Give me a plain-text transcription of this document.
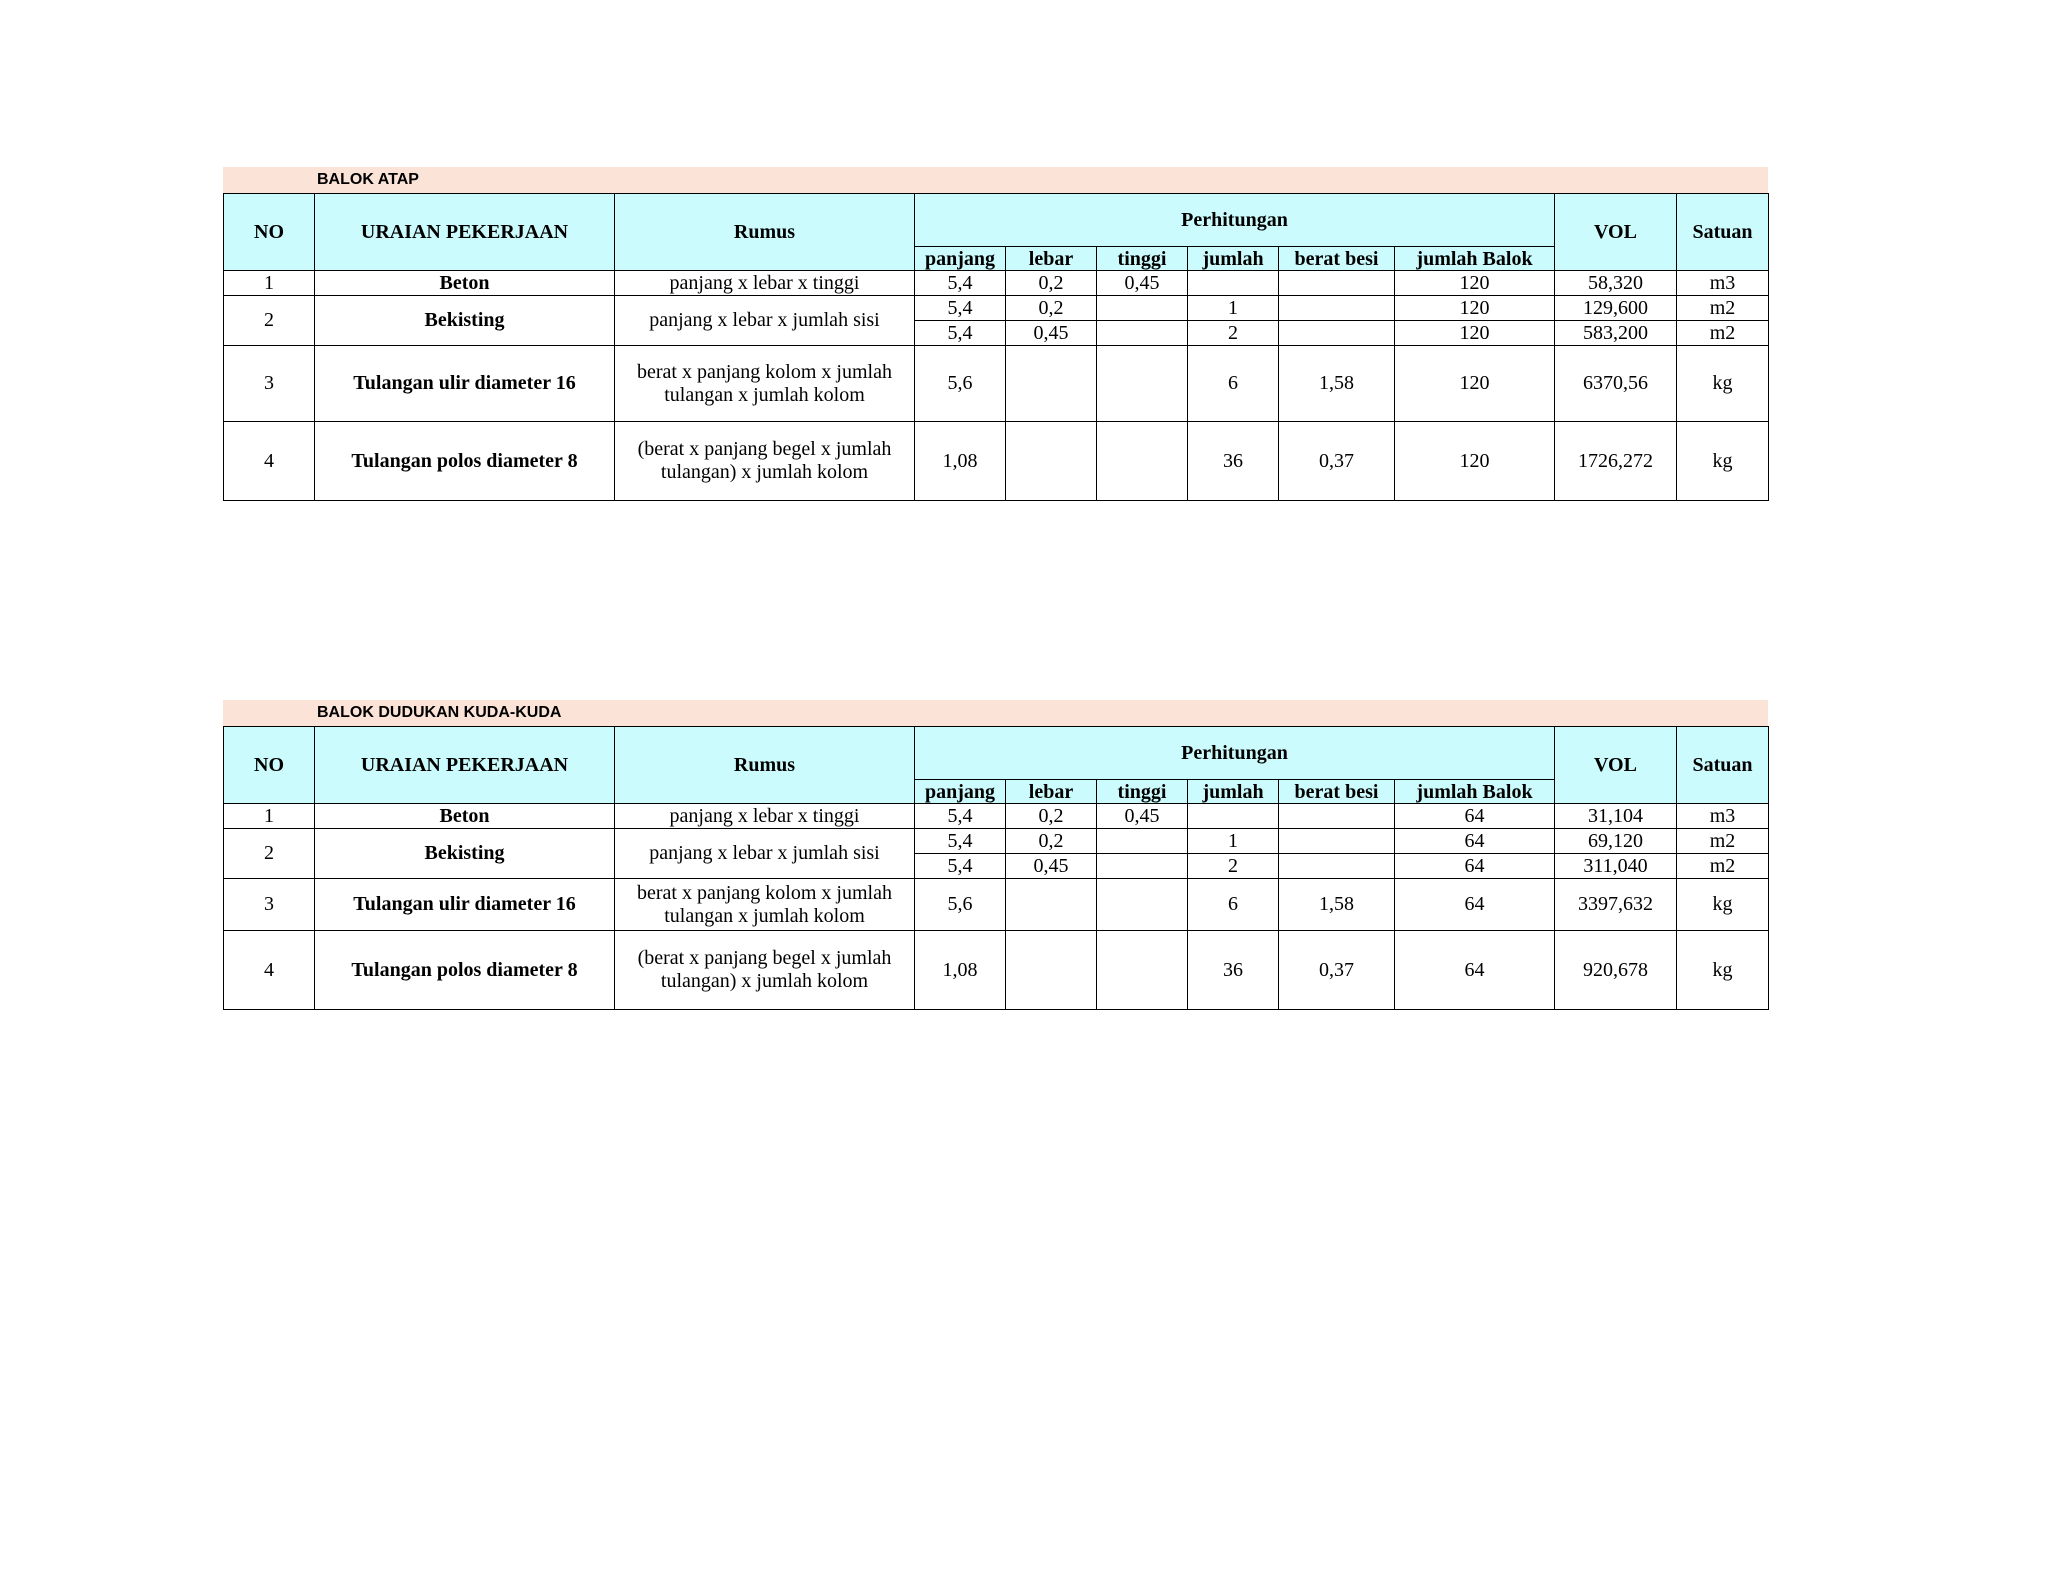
BALOK ATAP
NO	URAIAN PEKERJAAN	Rumus	Perhitungan						VOL	Satuan
			panjang	lebar	tinggi	jumlah	berat besi	jumlah Balok		
1	Beton	panjang x lebar x tinggi	5,4	0,2	0,45			120	58,320	m3
2	Bekisting	panjang x lebar x jumlah sisi	5,4	0,2		1		120	129,600	m2
			5,4	0,45		2		120	583,200	m2
3	Tulangan ulir diameter 16	berat x panjang kolom x jumlah
tulangan x jumlah kolom	5,6			6	1,58	120	6370,56	kg
4	Tulangan polos diameter 8	(berat x panjang begel x jumlah
tulangan) x jumlah kolom	1,08			36	0,37	120	1726,272	kg
BALOK DUDUKAN KUDA-KUDA
NO	URAIAN PEKERJAAN	Rumus	Perhitungan						VOL	Satuan
			panjang	lebar	tinggi	jumlah	berat besi	jumlah Balok		
1	Beton	panjang x lebar x tinggi	5,4	0,2	0,45			64	31,104	m3
2	Bekisting	panjang x lebar x jumlah sisi	5,4	0,2		1		64	69,120	m2
			5,4	0,45		2		64	311,040	m2
3	Tulangan ulir diameter 16	berat x panjang kolom x jumlah
tulangan x jumlah kolom	5,6			6	1,58	64	3397,632	kg
4	Tulangan polos diameter 8	(berat x panjang begel x jumlah
tulangan) x jumlah kolom	1,08			36	0,37	64	920,678	kg
